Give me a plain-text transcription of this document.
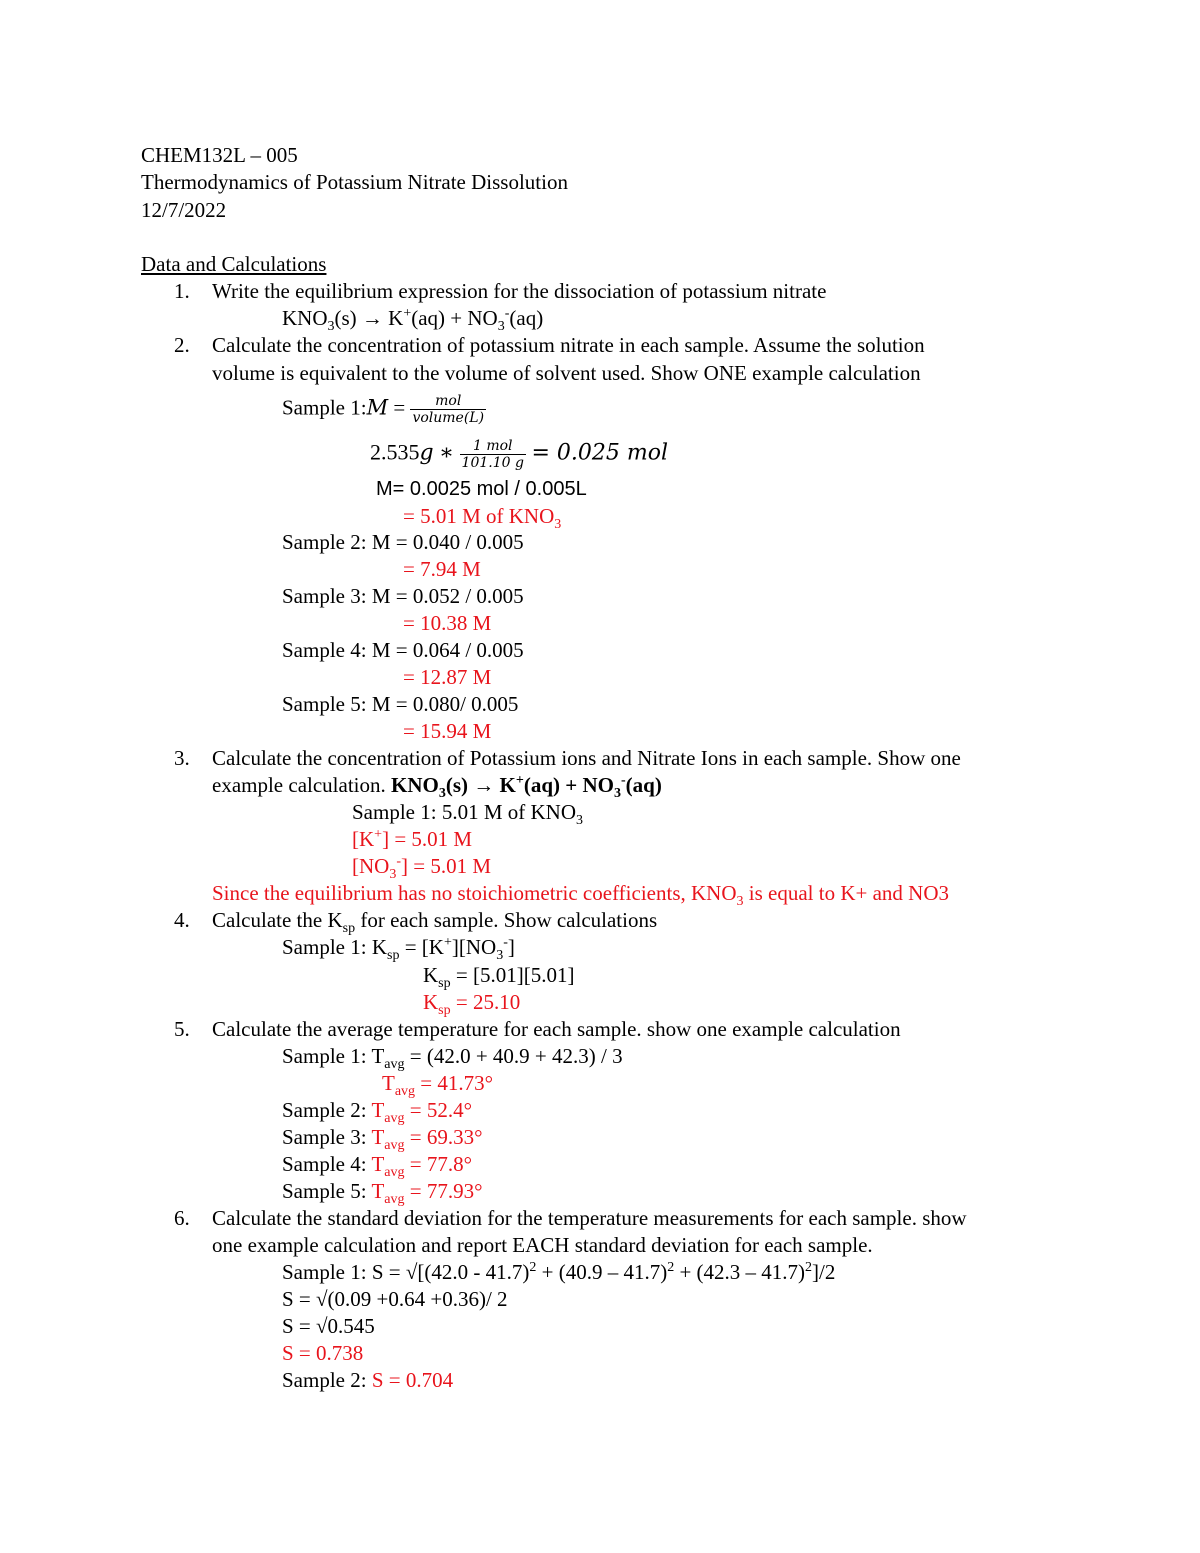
CHEM132L – 005
Thermodynamics of Potassium Nitrate Dissolution
12/7/2022
Data and Calculations
1. Write the equilibrium expression for the dissociation of potassium nitrate
$KNO_3(s) \to K^+(aq) + NO_3^-(aq)$
2. Calculate the concentration of potassium nitrate in each sample. Assume the solution
volume is equivalent to the volume of solvent used. Show ONE example calculation
Sample 1:M = $\frac{\text{mol}}{\text{volume(L)}}$
2.535g ∗ $\frac{\text{1 mol}}{101.10 g} = 0.025$ mol
M= 0.0025 mol / 0.005L
= 5.01 M of $KNO_3$
Sample 2: M = 0.040 / 0.005
= 7.94 M
Sample 3: M = 0.052 / 0.005
= 10.38 M
Sample 4: M = 0.064 / 0.005
= 12.87 M
Sample 5: M = 0.080/ 0.005
= 15.94 M
3. Calculate the concentration of Potassium ions and Nitrate Ions in each sample. Show one
example calculation. $KNO_3(s) \to K^+(aq) + NO_3^-(aq)$
Sample 1: 5.01 M of $KNO_3$
[K+] = 5.01 M
$[NO_3^-] = 5.01$ M
Since the equilibrium has no stoichiometric coefficients, $KNO_3$ is equal to K+ and NO3
4. Calculate the $K_{sp}$ for each sample. Show calculations
Sample 1: $K_{sp} = [K^+][NO_3^-]$
$K_{sp} = [5.01][5.01]$
$K_{sp} = 25.10$
5. Calculate the average temperature for each sample. show one example calculation
Sample 1: $T_{avg} = (42.0 + 40.9 + 42.3) / 3$
$T_{avg} = 41.73^\circ$
Sample 2: $T_{avg} = 52.4^\circ$
Sample 3: $T_{avg} = 69.33^\circ$
Sample 4: $T_{avg} = 77.8^\circ$
Sample 5: $T_{avg} = 77.93^\circ$
6. Calculate the standard deviation for the temperature measurements for each sample. show
one example calculation and report EACH standard deviation for each sample.
Sample 1: S = √[(42.0 - 41.7)$^2$ + (40.9 – 41.7)$^2$ + (42.3 – 41.7)$^2$]/2
S = √(0.09 +0.64 +0.36)/ 2
S = √0.545
S = 0.738
Sample 2: S = 0.704
